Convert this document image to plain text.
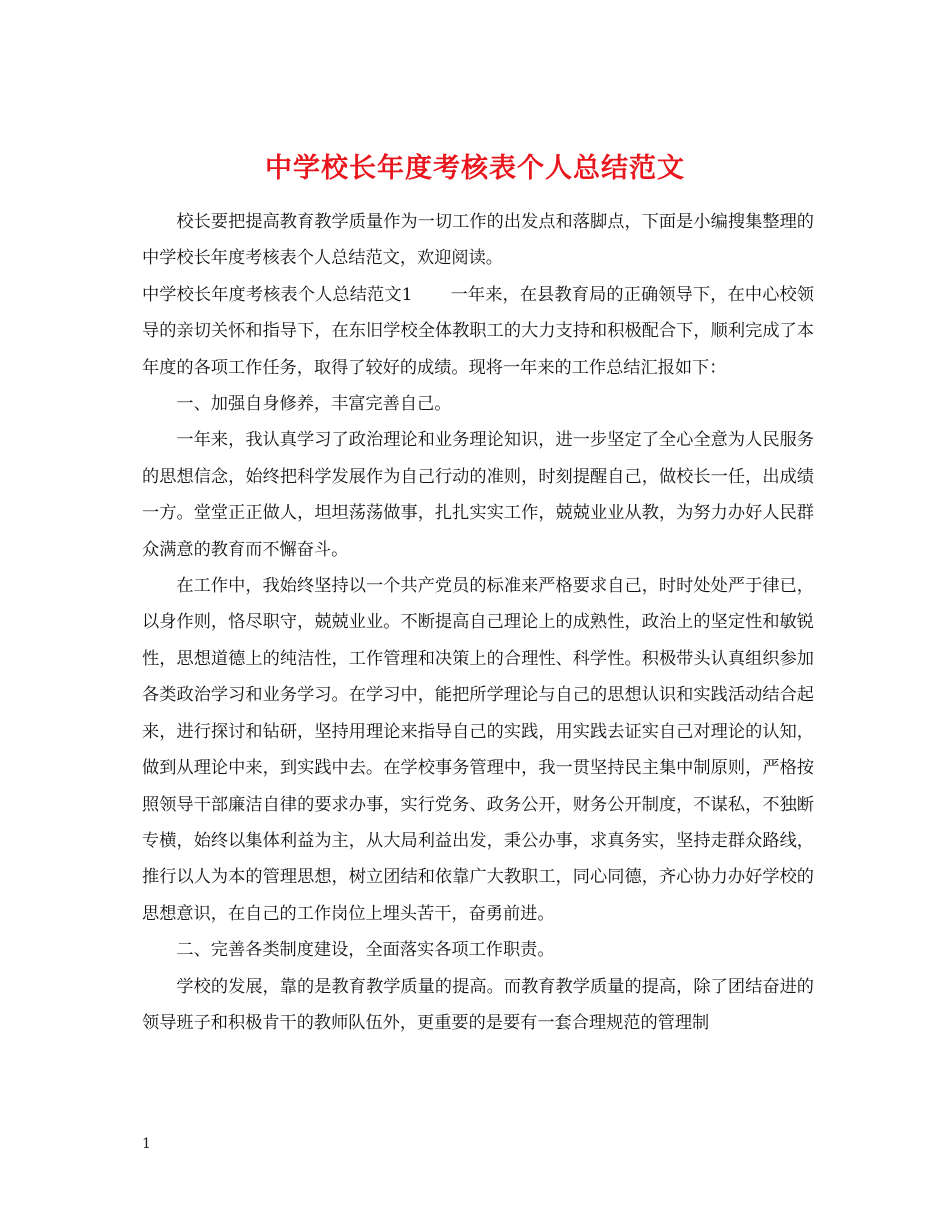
中学校长年度考核表个人总结范文

校长要把提高教育教学质量作为一切工作的出发点和落脚点，下面是小编搜集整理的中学校长年度考核表个人总结范文，欢迎阅读。

中学校长年度考核表个人总结范文1 一年来，在县教育局的正确领导下，在中心校领导的亲切关怀和指导下，在东旧学校全体教职工的大力支持和积极配合下，顺利完成了本年度的各项工作任务，取得了较好的成绩。现将一年来的工作总结汇报如下：

一、加强自身修养，丰富完善自己。

一年来，我认真学习了政治理论和业务理论知识，进一步坚定了全心全意为人民服务的思想信念，始终把科学发展作为自己行动的准则，时刻提醒自己，做校长一任，出成绩一方。堂堂正正做人，坦坦荡荡做事，扎扎实实工作，兢兢业业从教，为努力办好人民群众满意的教育而不懈奋斗。

在工作中，我始终坚持以一个共产党员的标准来严格要求自己，时时处处严于律已，以身作则，恪尽职守，兢兢业业。不断提高自己理论上的成熟性，政治上的坚定性和敏锐性，思想道德上的纯洁性，工作管理和决策上的合理性、科学性。积极带头认真组织参加各类政治学习和业务学习。在学习中，能把所学理论与自己的思想认识和实践活动结合起来，进行探讨和钻研，坚持用理论来指导自己的实践，用实践去证实自己对理论的认知，做到从理论中来，到实践中去。在学校事务管理中，我一贯坚持民主集中制原则，严格按照领导干部廉洁自律的要求办事，实行党务、政务公开，财务公开制度，不谋私，不独断专横，始终以集体利益为主，从大局利益出发，秉公办事，求真务实，坚持走群众路线，推行以人为本的管理思想，树立团结和依靠广大教职工，同心同德，齐心协力办好学校的思想意识，在自己的工作岗位上埋头苦干，奋勇前进。

二、完善各类制度建设，全面落实各项工作职责。

学校的发展，靠的是教育教学质量的提高。而教育教学质量的提高，除了团结奋进的领导班子和积极肯干的教师队伍外，更重要的是要有一套合理规范的管理制

1
